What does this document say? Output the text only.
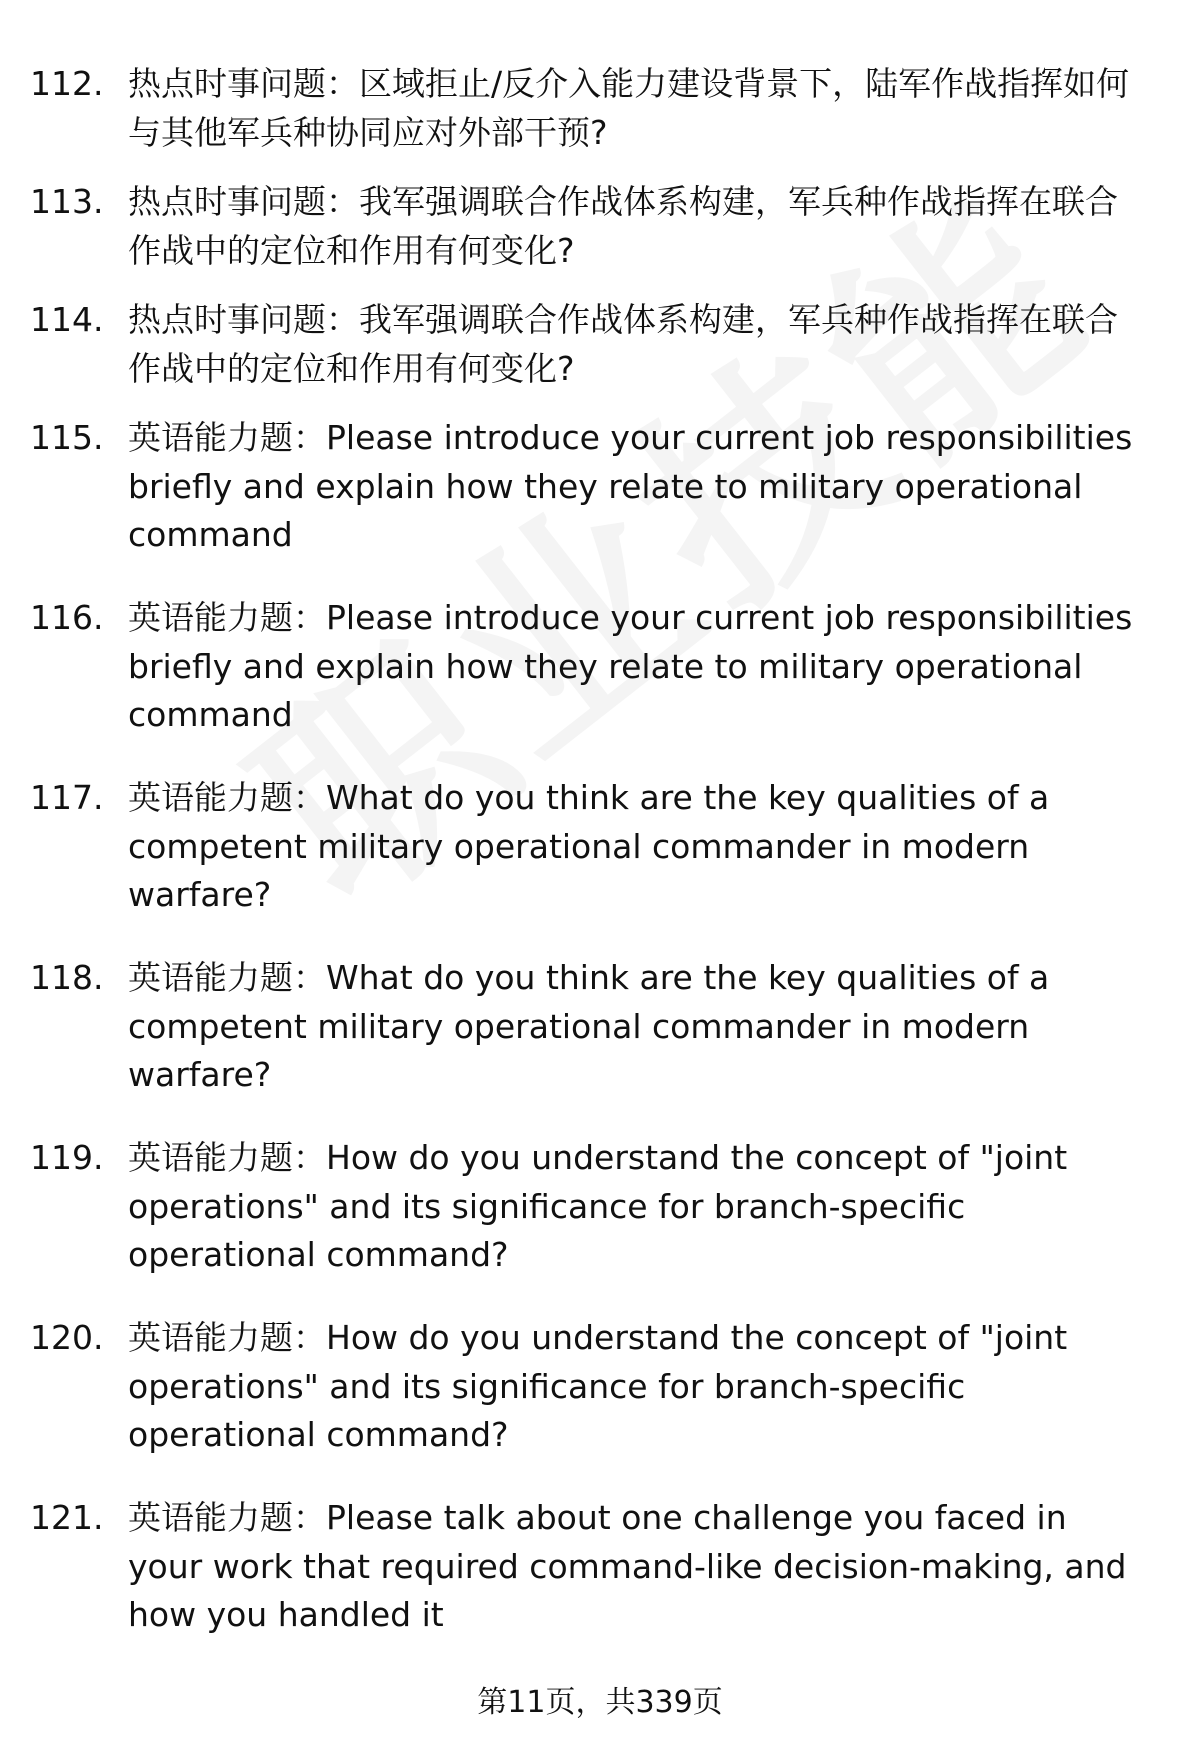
112. 热点时事问题：区域拒止/反介入能力建设背景下，陆军作战指挥如何与其他军兵种协同应对外部干预?
113. 热点时事问题：我军强调联合作战体系构建，军兵种作战指挥在联合作战中的定位和作用有何变化?
114. 热点时事问题：我军强调联合作战体系构建，军兵种作战指挥在联合作战中的定位和作用有何变化?
115. 英语能力题：Please introduce your current job responsibilities briefly and explain how they relate to military operational command
116. 英语能力题：Please introduce your current job responsibilities briefly and explain how they relate to military operational command
117. 英语能力题：What do you think are the key qualities of a competent military operational commander in modern warfare?
118. 英语能力题：What do you think are the key qualities of a competent military operational commander in modern warfare?
119. 英语能力题：How do you understand the concept of "joint operations" and its significance for branch-specific operational command?
120. 英语能力题：How do you understand the concept of "joint operations" and its significance for branch-specific operational command?
121. 英语能力题：Please talk about one challenge you faced in your work that required command-like decision-making, and how you handled it
第11页，共339页
